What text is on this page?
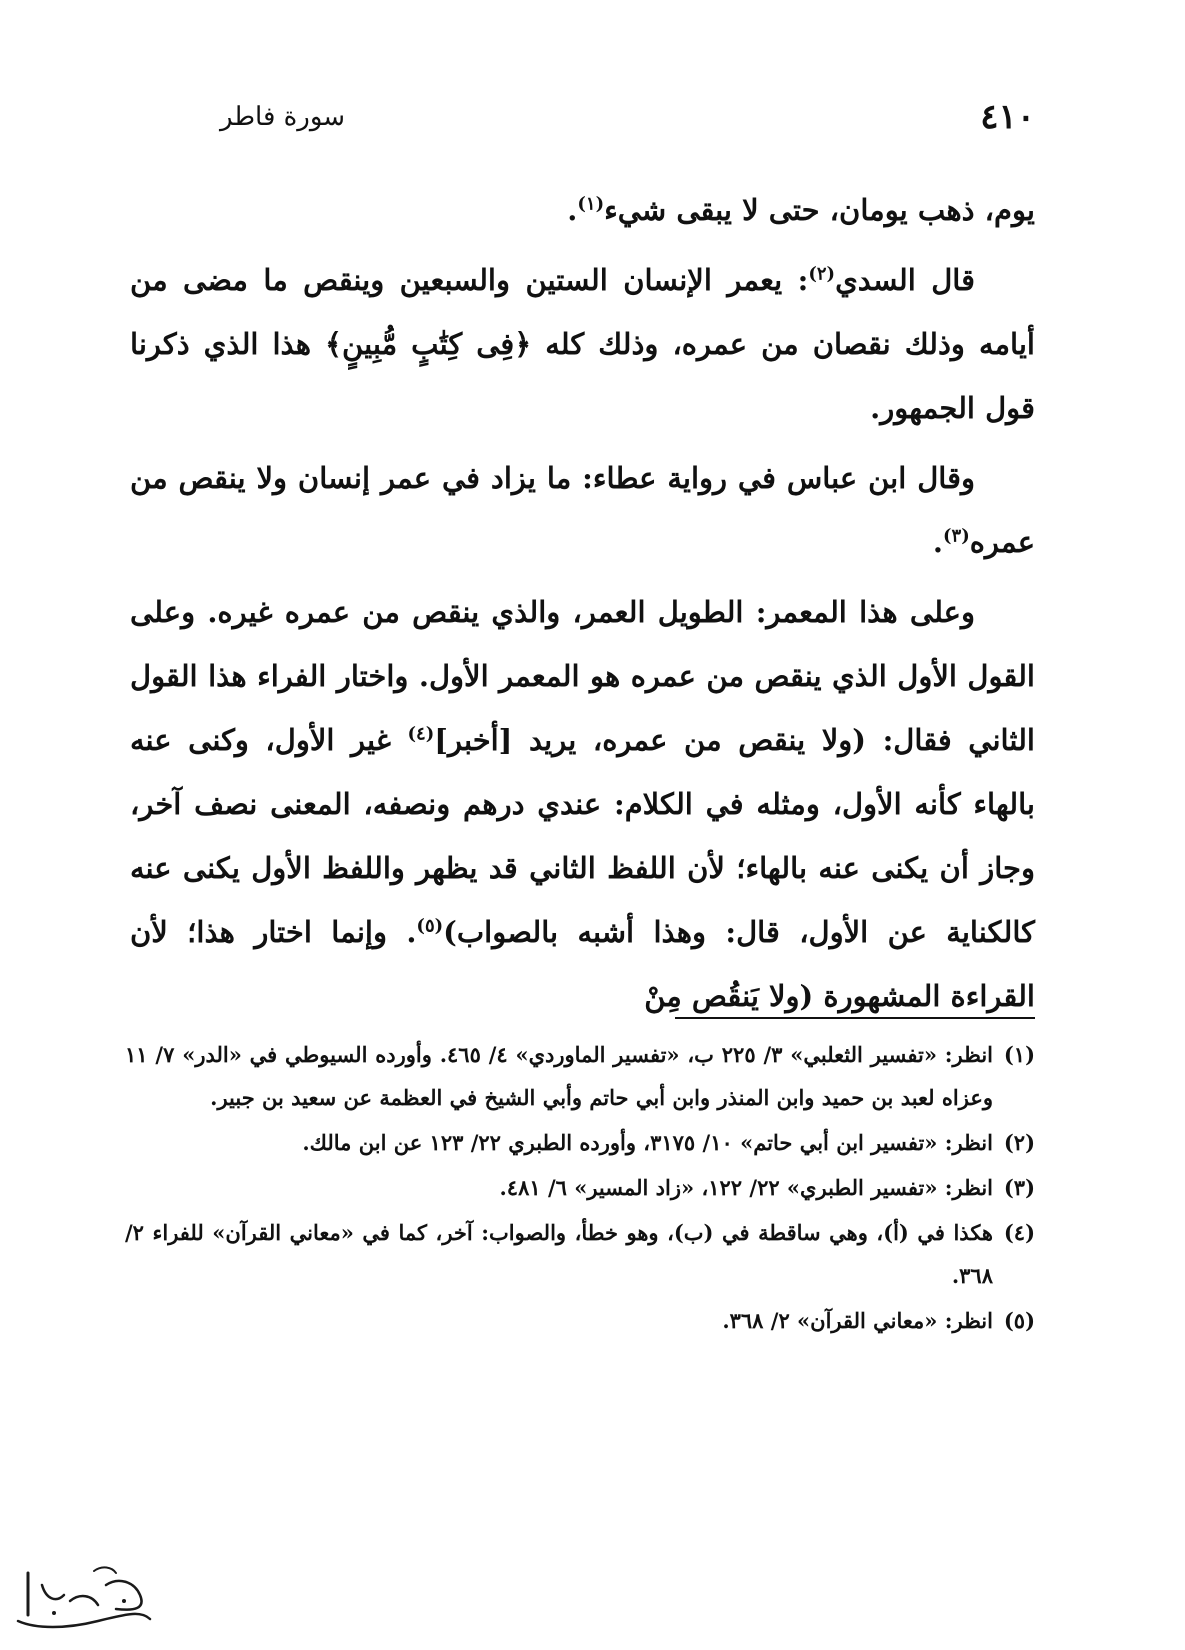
٤١٠
سورة فاطر

يوم، ذهب يومان، حتى لا يبقى شيء$^{(١)}$.

قال السدي$^{(٢)}$: يعمر الإنسان الستين والسبعين وينقص ما مضى من أيامه وذلك نقصان من عمره، وذلك كله ﴿فِى كِتَٰبٍ مُّبِينٍ﴾ هذا الذي ذكرنا قول الجمهور.

وقال ابن عباس في رواية عطاء: ما يزاد في عمر إنسان ولا ينقص من عمره$^{(٣)}$.

وعلى هذا المعمر: الطويل العمر، والذي ينقص من عمره غيره. وعلى القول الأول الذي ينقص من عمره هو المعمر الأول. واختار الفراء هذا القول الثاني فقال: (ولا ينقص من عمره، يريد [أخبر]$^{(٤)}$ غير الأول، وكنى عنه بالهاء كأنه الأول، ومثله في الكلام: عندي درهم ونصفه، المعنى نصف آخر، وجاز أن يكنى عنه بالهاء؛ لأن اللفظ الثاني قد يظهر واللفظ الأول يكنى عنه كالكناية عن الأول، قال: وهذا أشبه بالصواب)$^{(٥)}$. وإنما اختار هذا؛ لأن القراءة المشهورة (ولا يَنقُص مِنْ

(١)
انظر: «تفسير الثعلبي» ٣/ ٢٢٥ ب، «تفسير الماوردي» ٤/ ٤٦٥. وأورده السيوطي في «الدر» ٧/ ١١ وعزاه لعبد بن حميد وابن المنذر وابن أبي حاتم وأبي الشيخ في العظمة عن سعيد بن جبير.
(٢)
انظر: «تفسير ابن أبي حاتم» ١٠/ ٣١٧٥، وأورده الطبري ٢٢/ ١٢٣ عن ابن مالك.
(٣)
انظر: «تفسير الطبري» ٢٢/ ١٢٢، «زاد المسير» ٦/ ٤٨١.
(٤)
هكذا في (أ)، وهي ساقطة في (ب)، وهو خطأ، والصواب: آخر، كما في «معاني القرآن» للفراء ٢/ ٣٦٨.
(٥)
انظر: «معاني القرآن» ٢/ ٣٦٨.
